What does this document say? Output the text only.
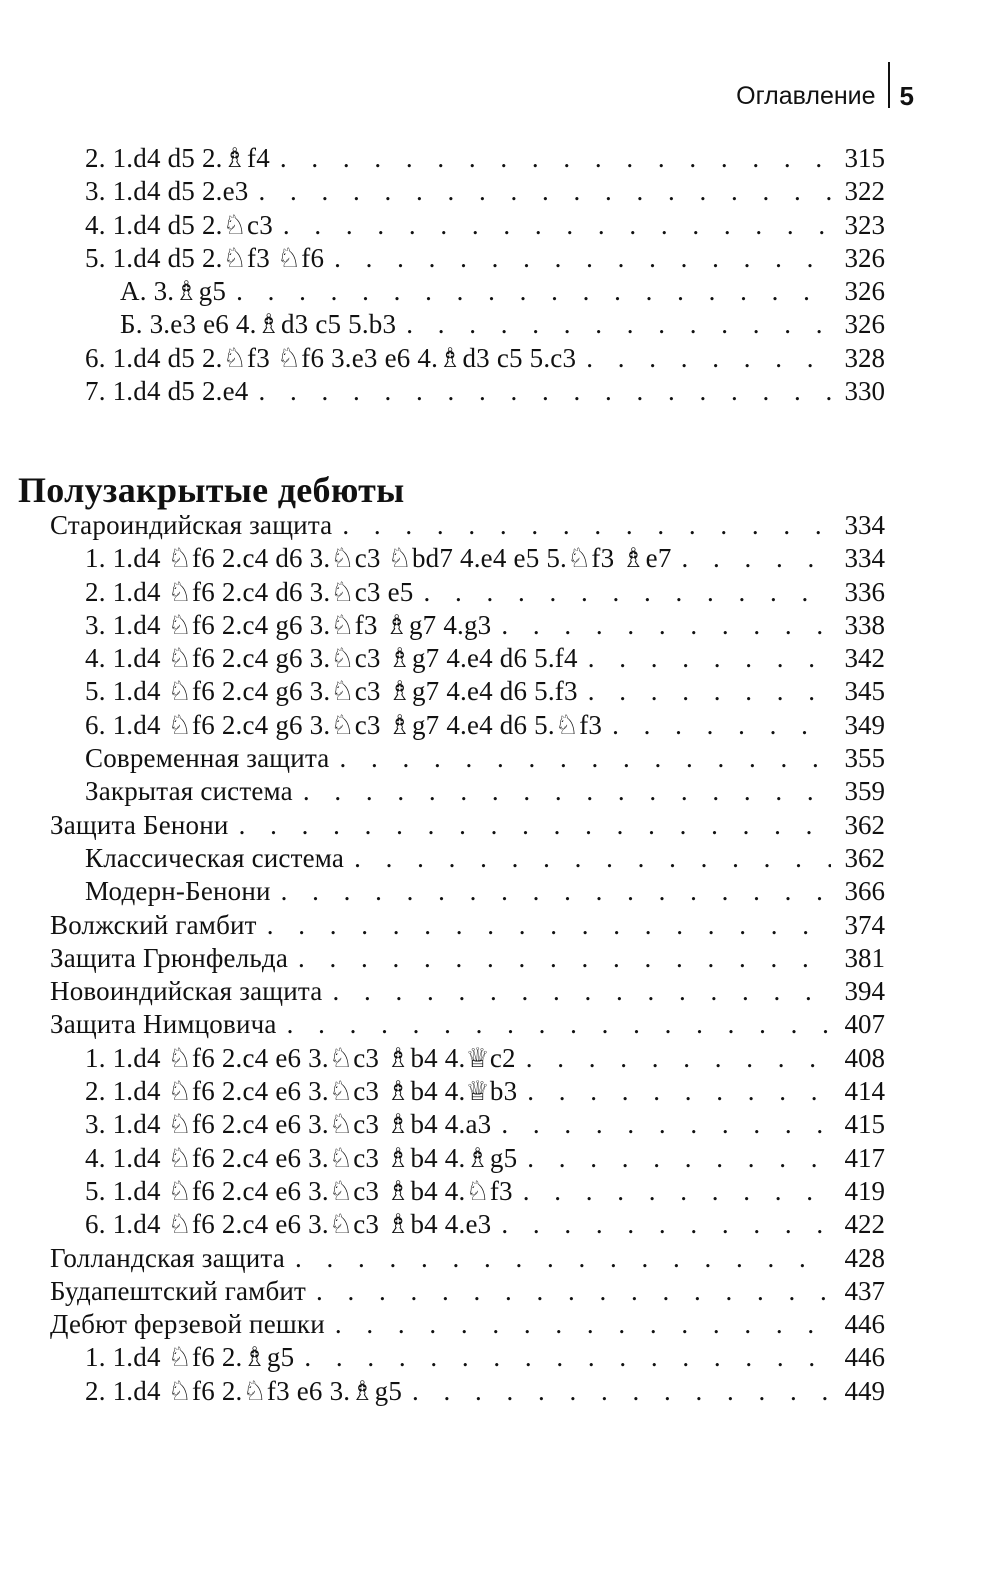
Оглавление 5
2. 1.d4 d5 2.♗f4 . . .	315
3. 1.d4 d5 2.e3 . . .	322
4. 1.d4 d5 2.♘c3 . . .	323
5. 1.d4 d5 2.♘f3 ♘f6 . . .	326
А. 3.♗g5 . . .	326
Б. 3.e3 e6 4.♗d3 c5 5.b3 . . .	326
6. 1.d4 d5 2.♘f3 ♘f6 3.e3 e6 4.♗d3 c5 5.c3 . . .	328
7. 1.d4 d5 2.e4 . . .	330
Полузакрытые дебюты
Староиндийская защита . . .	334
1. 1.d4 ♘f6 2.c4 d6 3.♘c3 ♘bd7 4.e4 e5 5.♘f3 ♗e7 . . .	334
2. 1.d4 ♘f6 2.c4 d6 3.♘c3 e5 . . .	336
3. 1.d4 ♘f6 2.c4 g6 3.♘f3 ♗g7 4.g3 . . .	338
4. 1.d4 ♘f6 2.c4 g6 3.♘c3 ♗g7 4.e4 d6 5.f4 . . .	342
5. 1.d4 ♘f6 2.c4 g6 3.♘c3 ♗g7 4.e4 d6 5.f3 . . .	345
6. 1.d4 ♘f6 2.c4 g6 3.♘c3 ♗g7 4.e4 d6 5.♘f3 . . .	349
Современная защита . . .	355
Закрытая система . . .	359
Защита Бенони . . .	362
Классическая система . . .	362
Модерн-Бенони . . .	366
Волжский гамбит . . .	374
Защита Грюнфельда . . .	381
Новоиндийская защита . . .	394
Защита Нимцовича . . .	407
1. 1.d4 ♘f6 2.c4 e6 3.♘c3 ♗b4 4.♕c2 . . .	408
2. 1.d4 ♘f6 2.c4 e6 3.♘c3 ♗b4 4.♕b3 . . .	414
3. 1.d4 ♘f6 2.c4 e6 3.♘c3 ♗b4 4.a3 . . .	415
4. 1.d4 ♘f6 2.c4 e6 3.♘c3 ♗b4 4.♗g5 . . .	417
5. 1.d4 ♘f6 2.c4 e6 3.♘c3 ♗b4 4.♘f3 . . .	419
6. 1.d4 ♘f6 2.c4 e6 3.♘c3 ♗b4 4.e3 . . .	422
Голландская защита . . .	428
Будапештский гамбит . . .	437
Дебют ферзевой пешки . . .	446
1. 1.d4 ♘f6 2.♗g5 . . .	446
2. 1.d4 ♘f6 2.♘f3 e6 3.♗g5 . . .	449
